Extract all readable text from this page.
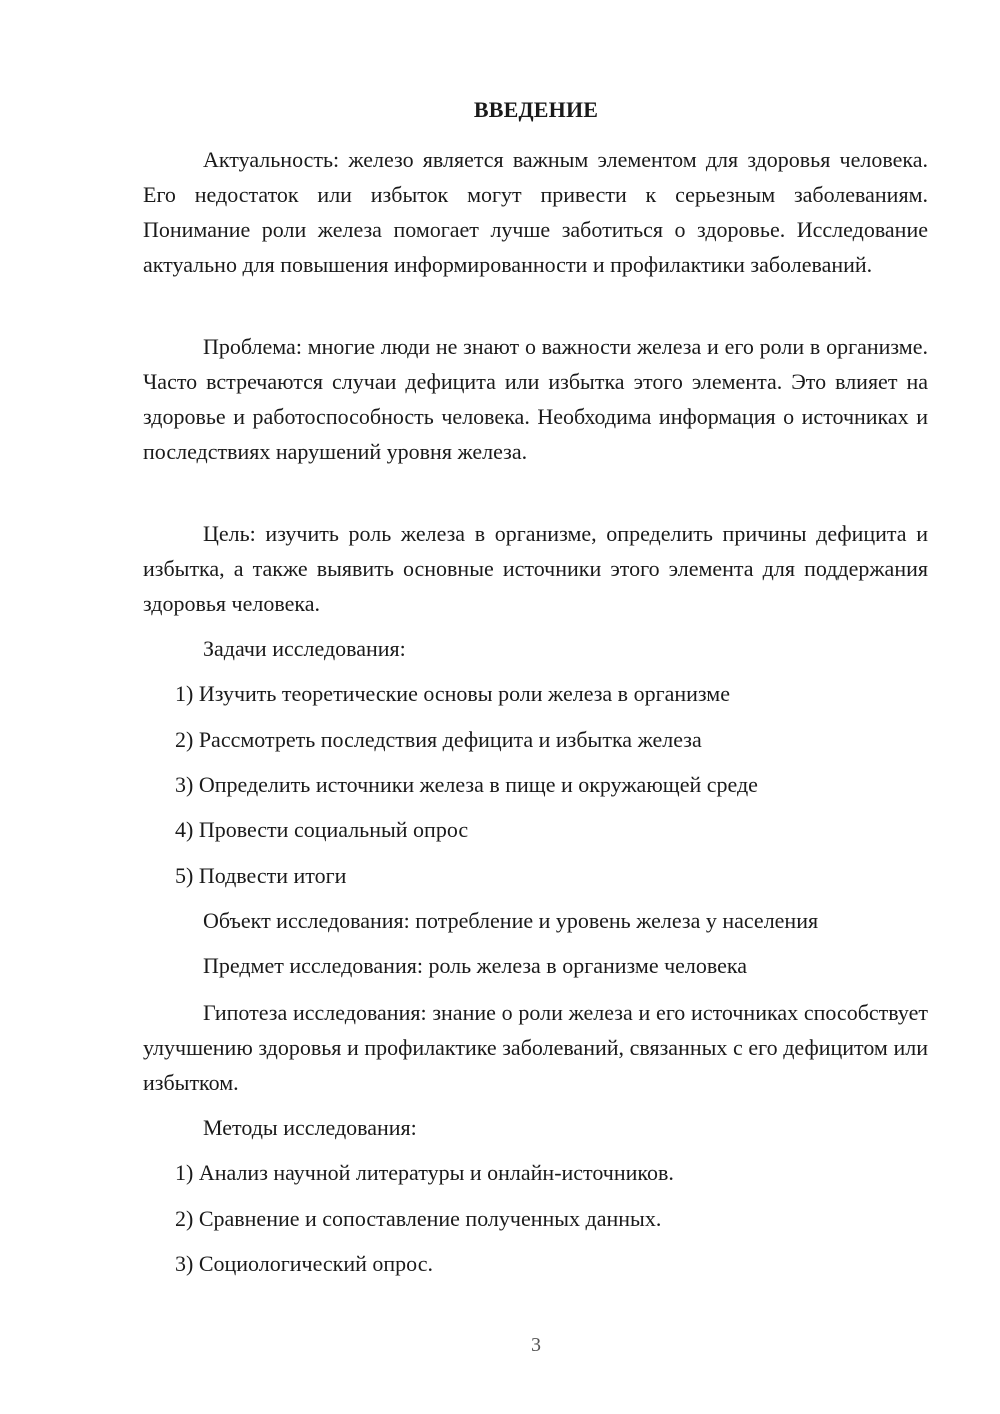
ВВЕДЕНИЕ
Актуальность: железо является важным элементом для здоровья человека. Его недостаток или избыток могут привести к серьезным заболеваниям. Понимание роли железа помогает лучше заботиться о здоровье. Исследование актуально для повышения информированности и профилактики заболеваний.
Проблема: многие люди не знают о важности железа и его роли в организме. Часто встречаются случаи дефицита или избытка этого элемента. Это влияет на здоровье и работоспособность человека. Необходима информация о источниках и последствиях нарушений уровня железа.
Цель: изучить роль железа в организме, определить причины дефицита и избытка, а также выявить основные источники этого элемента для поддержания здоровья человека.
Задачи исследования:
1) Изучить теоретические основы роли железа в организме
2) Рассмотреть последствия дефицита и избытка железа
3) Определить источники железа в пище и окружающей среде
4) Провести социальный опрос
5) Подвести итоги
Объект исследования: потребление и уровень железа у населения
Предмет исследования: роль железа в организме человека
Гипотеза исследования: знание о роли железа и его источниках способствует улучшению здоровья и профилактике заболеваний, связанных с его дефицитом или избытком.
Методы исследования:
1) Анализ научной литературы и онлайн-источников.
2) Сравнение и сопоставление полученных данных.
3) Социологический опрос.
3
